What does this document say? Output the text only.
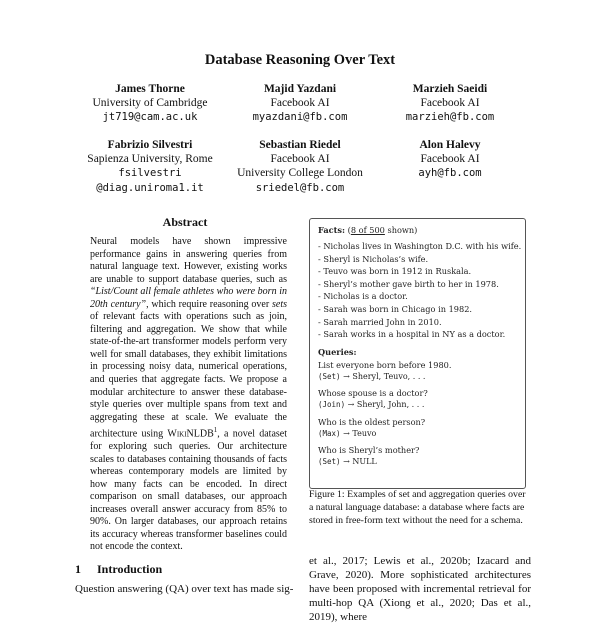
Database Reasoning Over Text
James Thorne
University of Cambridge
jt719@cam.ac.uk
Majid Yazdani
Facebook AI
myazdani@fb.com
Marzieh Saeidi
Facebook AI
marzieh@fb.com
Fabrizio Silvestri
Sapienza University, Rome
fsilvestri
@diag.uniroma1.it
Sebastian Riedel
Facebook AI
University College London
sriedel@fb.com
Alon Halevy
Facebook AI
ayh@fb.com
Abstract

Neural models have shown impressive performance gains in answering queries from natural language text. However, existing works are unable to support database queries, such as “List/Count all female athletes who were born in 20th century”, which require reasoning over sets of relevant facts with operations such as join, filtering and aggregation. We show that while state-of-the-art transformer models perform very well for small databases, they exhibit limitations in processing noisy data, numerical operations, and queries that aggregate facts. We propose a modular architecture to answer these database-style queries over multiple spans from text and aggregating these at scale. We evaluate the architecture using WikiNLDB$^1$, a novel dataset for exploring such queries. Our architecture scales to databases containing thousands of facts whereas contemporary models are limited by how many facts can be encoded. In direct comparison on small databases, our approach increases overall answer accuracy from 85% to 90%. On larger databases, our approach retains its accuracy whereas transformer baselines could not encode the context.

1 Introduction
Question answering (QA) over text has made sig-
Facts: (8 of 500 shown)
- Nicholas lives in Washington D.C. with his wife.
- Sheryl is Nicholas’s wife.
- Teuvo was born in 1912 in Ruskala.
- Sheryl’s mother gave birth to her in 1978.
- Nicholas is a doctor.
- Sarah was born in Chicago in 1982.
- Sarah married John in 2010.
- Sarah works in a hospital in NY as a doctor.
Queries:
List everyone born before 1980.
(Set) → Sheryl, Teuvo, . . .
Whose spouse is a doctor?
(Join) → Sheryl, John, . . .
Who is the oldest person?
(Max) → Teuvo
Who is Sheryl’s mother?
(Set) → NULL
Figure 1: Examples of set and aggregation queries over a natural language database: a database where facts are stored in free-form text without the need for a schema.

et al., 2017; Lewis et al., 2020b; Izacard and Grave, 2020). More sophisticated architectures have been proposed with incremental retrieval for multi-hop QA (Xiong et al., 2020; Das et al., 2019), where
